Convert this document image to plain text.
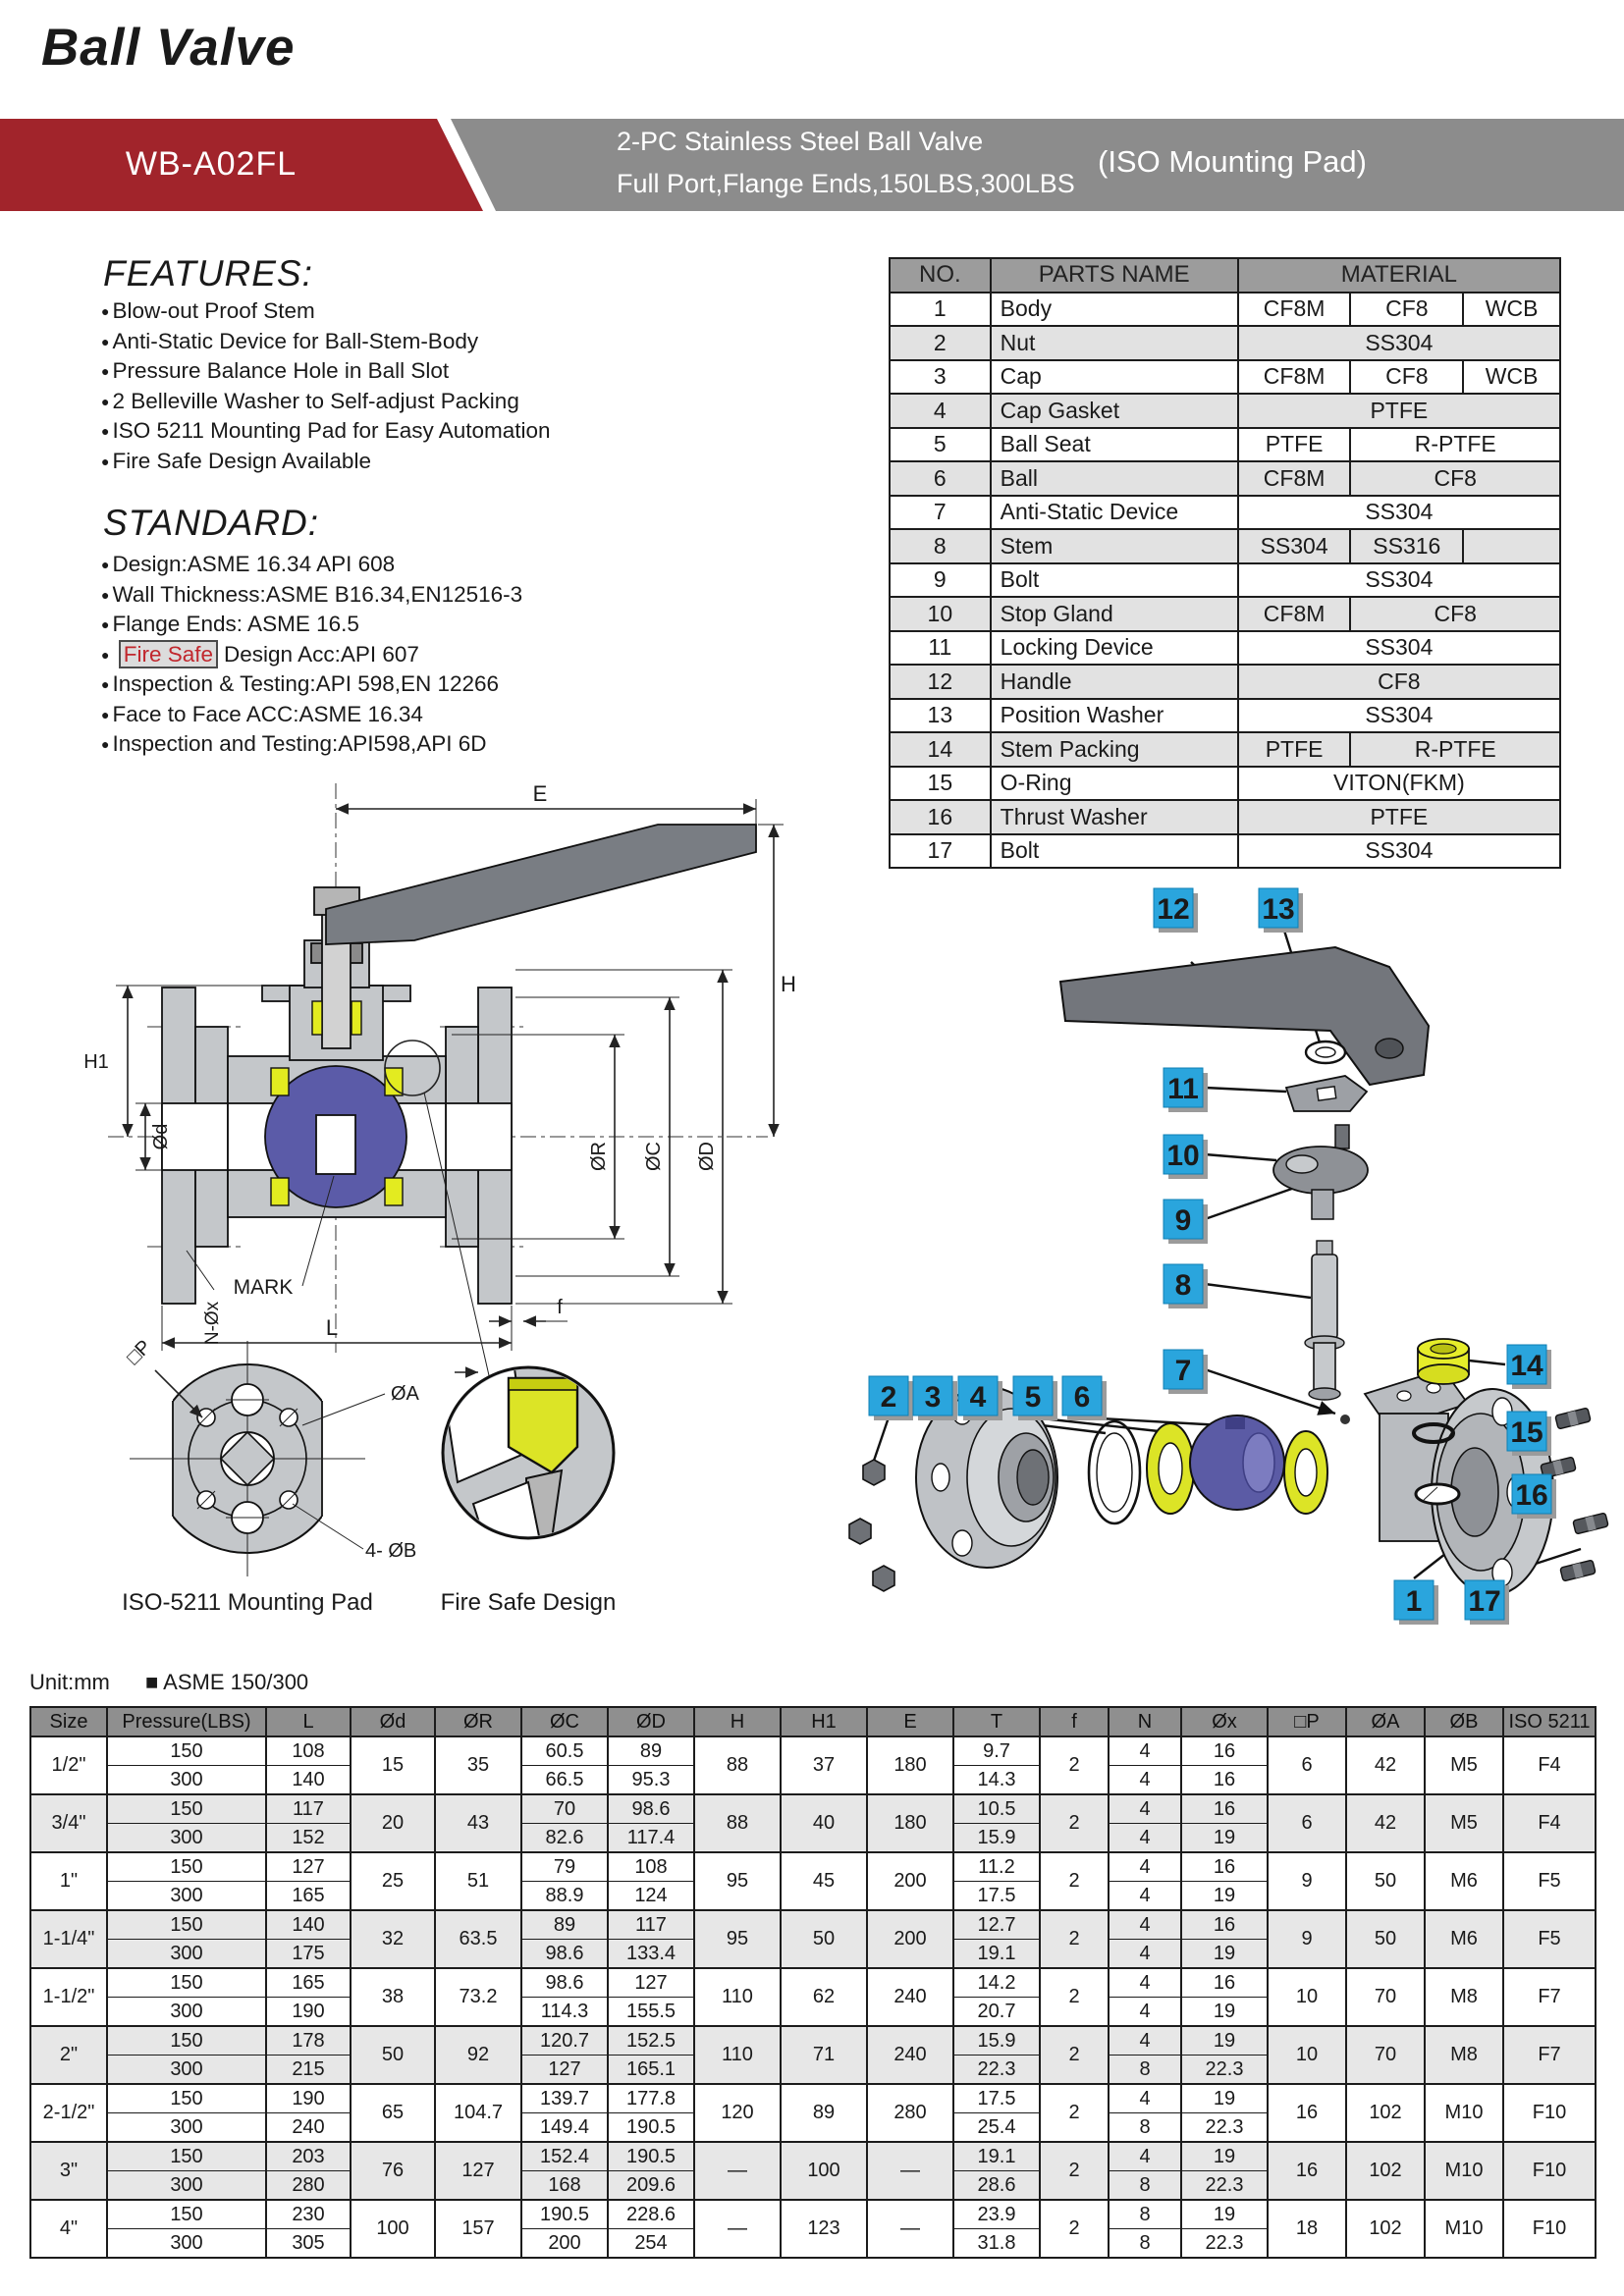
Ball Valve
WB-A02FL
2-PC Stainless Steel Ball Valve
Full Port,Flange Ends,150LBS,300LBS
(ISO Mounting Pad)
FEATURES:
● Blow-out Proof Stem
● Anti-Static Device for Ball-Stem-Body
● Pressure Balance Hole in Ball Slot
● 2 Belleville Washer to Self-adjust Packing
● ISO 5211 Mounting Pad for Easy Automation
● Fire Safe Design Available
STANDARD:
● Design:ASME 16.34 API 608
● Wall Thickness:ASME B16.34,EN12516-3
● Flange Ends: ASME 16.5
● Fire Safe Design Acc:API 607
● Inspection & Testing:API 598,EN 12266
● Face to Face ACC:ASME 16.34
● Inspection and Testing:API598,API 6D
NO.	PARTS NAME	MATERIAL		
1	Body	CF8M	CF8	WCB
2	Nut	SS304		
3	Cap	CF8M	CF8	WCB
4	Cap Gasket	PTFE		
5	Ball Seat	PTFE	R-PTFE	
6	Ball	CF8M	CF8	
7	Anti-Static Device	SS304		
8	Stem	SS304	SS316	
9	Bolt	SS304		
10	Stop Gland	CF8M	CF8	
11	Locking Device	SS304		
12	Handle	CF8		
13	Position Washer	SS304		
14	Stem Packing	PTFE	R-PTFE	
15	O-Ring	VITON(FKM)		
16	Thrust Washer	PTFE		
17	Bolt	SS304		
E
H
H1
Ød
ØR ØC ØD
L
f
N-Øx
MARK
□P
ØA
4- ØB
ISO-5211 Mounting Pad	Fire Safe Design
12 13
11
10
9
8
7
2 3 4 5 6
14
15
16
1 17
Unit:mm ■ ASME 150/300
Size	Pressure(LBS)	L	Ød	ØR	ØC	ØD	H	H1	E	T	f	N	Øx	□P	ØA	ØB	ISO 5211
1/2"	150	108	15	35	60.5	89	88	37	180	9.7	2	4	16	6	42	M5	F4
	300	140			66.5	95.3				14.3		4	16				
3/4"	150	117	20	43	70	98.6	88	40	180	10.5	2	4	16	6	42	M5	F4
	300	152			82.6	117.4				15.9		4	19				
1"	150	127	25	51	79	108	95	45	200	11.2	2	4	16	9	50	M6	F5
	300	165			88.9	124				17.5		4	19				
1-1/4"	150	140	32	63.5	89	117	95	50	200	12.7	2	4	16	9	50	M6	F5
	300	175			98.6	133.4				19.1		4	19				
1-1/2"	150	165	38	73.2	98.6	127	110	62	240	14.2	2	4	16	10	70	M8	F7
	300	190			114.3	155.5				20.7		4	19				
2"	150	178	50	92	120.7	152.5	110	71	240	15.9	2	4	19	10	70	M8	F7
	300	215			127	165.1				22.3		8	22.3				
2-1/2"	150	190	65	104.7	139.7	177.8	120	89	280	17.5	2	4	19	16	102	M10	F10
	300	240			149.4	190.5				25.4		8	22.3				
3"	150	203	76	127	152.4	190.5	—	100	—	19.1	2	4	19	16	102	M10	F10
	300	280			168	209.6				28.6		8	22.3				
4"	150	230	100	157	190.5	228.6	—	123	—	23.9	2	8	19	18	102	M10	F10
	300	305			200	254				31.8		8	22.3				
